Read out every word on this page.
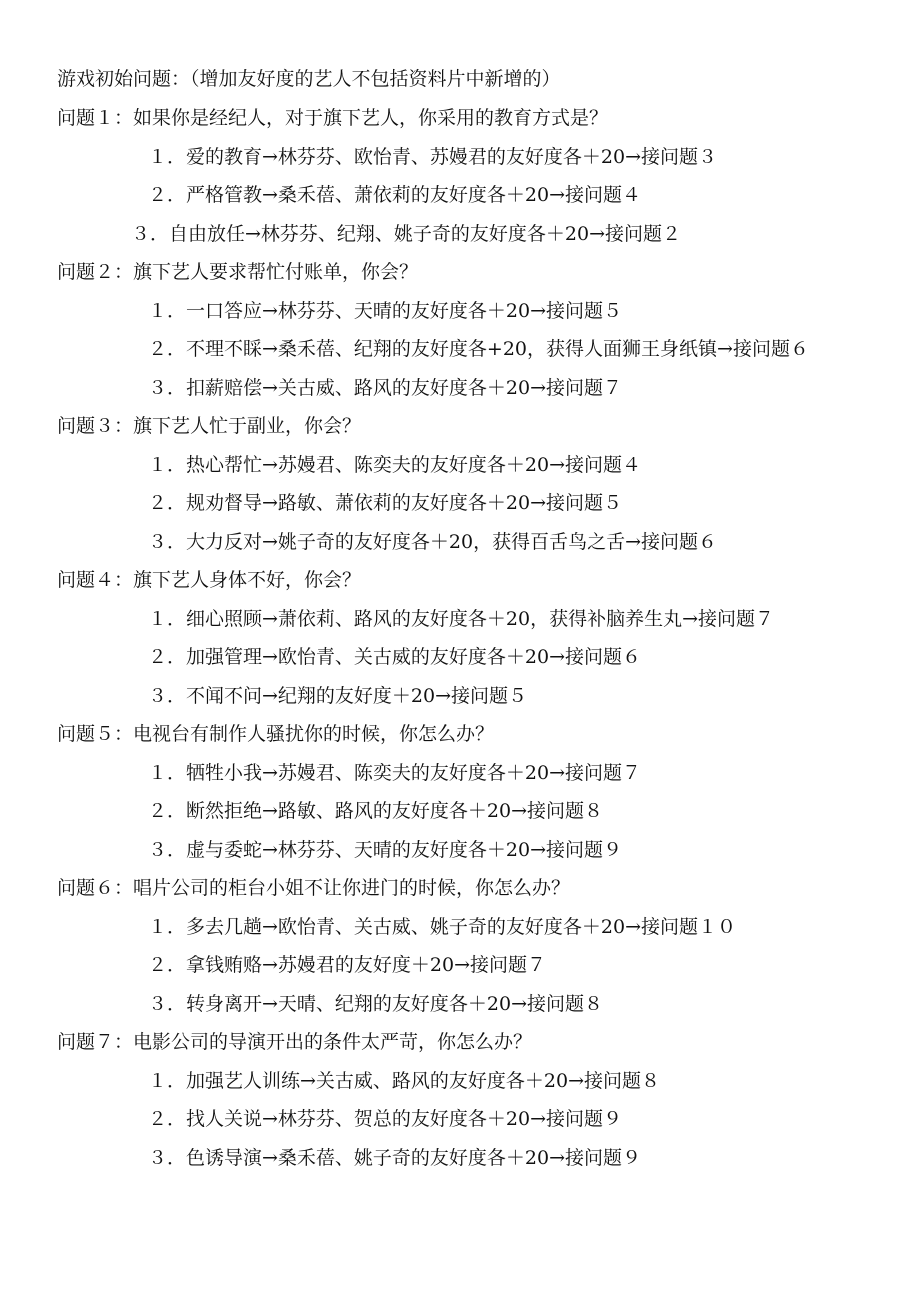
游戏初始问题：（增加友好度的艺人不包括资料片中新增的）
问题１：如果你是经纪人，对于旗下艺人，你采用的教育方式是？
１．爱的教育→林芬芬、欧怡青、苏嫚君的友好度各＋20→接问题３
２．严格管教→桑禾蓓、萧依莉的友好度各＋20→接问题４
３．自由放任→林芬芬、纪翔、姚子奇的友好度各＋20→接问题２
问题２：旗下艺人要求帮忙付账单，你会？
１．一口答应→林芬芬、天晴的友好度各＋20→接问题５
２．不理不睬→桑禾蓓、纪翔的友好度各+20，获得人面狮王身纸镇→接问题６
３．扣薪赔偿→关古威、路风的友好度各＋20→接问题７
问题３：旗下艺人忙于副业，你会？
１．热心帮忙→苏嫚君、陈奕夫的友好度各＋20→接问题４
２．规劝督导→路敏、萧依莉的友好度各＋20→接问题５
３．大力反对→姚子奇的友好度各＋20，获得百舌鸟之舌→接问题６
问题４：旗下艺人身体不好，你会？
１．细心照顾→萧依莉、路风的友好度各＋20，获得补脑养生丸→接问题７
２．加强管理→欧怡青、关古威的友好度各＋20→接问题６
３．不闻不问→纪翔的友好度＋20→接问题５
问题５：电视台有制作人骚扰你的时候，你怎么办？
１．牺牲小我→苏嫚君、陈奕夫的友好度各＋20→接问题７
２．断然拒绝→路敏、路风的友好度各＋20→接问题８
３．虚与委蛇→林芬芬、天晴的友好度各＋20→接问题９
问题６：唱片公司的柜台小姐不让你进门的时候，你怎么办？
１．多去几趟→欧怡青、关古威、姚子奇的友好度各＋20→接问题１０
２．拿钱贿赂→苏嫚君的友好度＋20→接问题７
３．转身离开→天晴、纪翔的友好度各＋20→接问题８
问题７：电影公司的导演开出的条件太严苛，你怎么办？
１．加强艺人训练→关古威、路风的友好度各＋20→接问题８
２．找人关说→林芬芬、贺总的友好度各＋20→接问题９
３．色诱导演→桑禾蓓、姚子奇的友好度各＋20→接问题９
